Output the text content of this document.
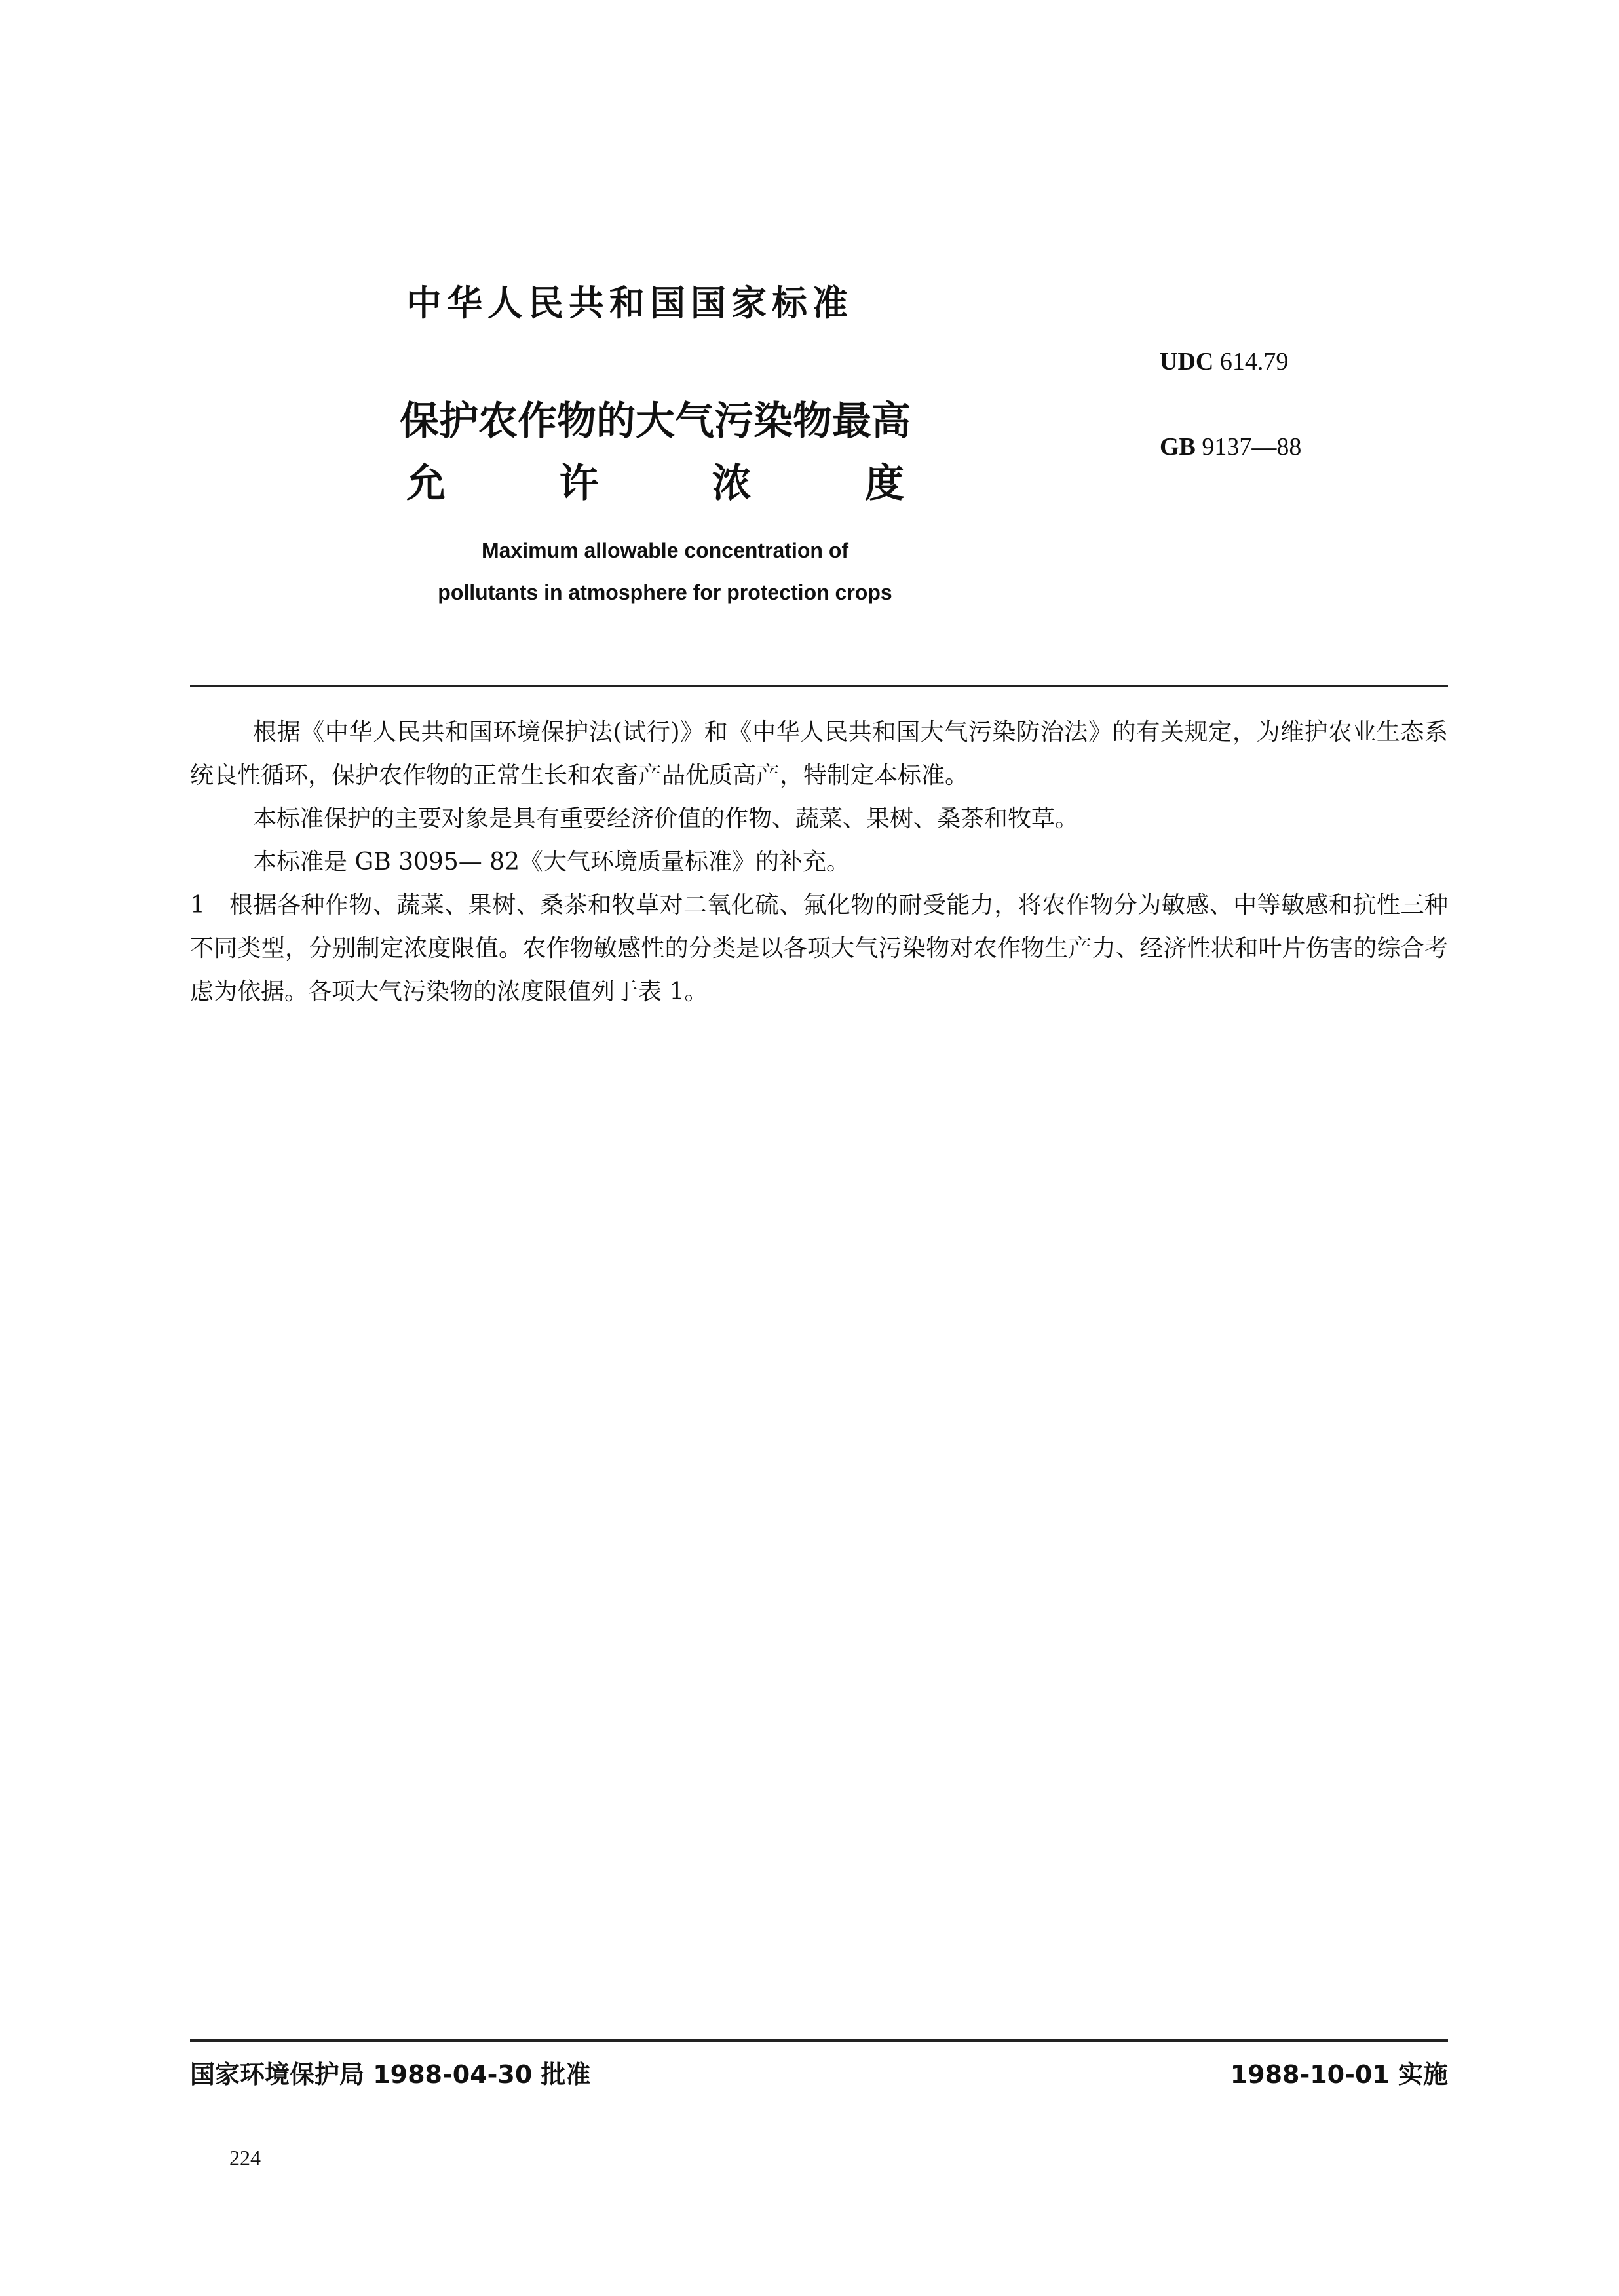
中华人民共和国国家标准
UDC 614.79
GB 9137—88
保护农作物的大气污染物最高
允	许	浓	度
Maximum allowable concentration of
pollutants in atmosphere for protection crops

根据《中华人民共和国环境保护法(试行)》和《中华人民共和国大气污染防治法》的有关规定，为维护农业生态系统良性循环，保护农作物的正常生长和农畜产品优质高产，特制定本标准。

本标准保护的主要对象是具有重要经济价值的作物、蔬菜、果树、桑茶和牧草。

本标准是 GB 3095— 82《大气环境质量标准》的补充。

1　根据各种作物、蔬菜、果树、桑茶和牧草对二氧化硫、氟化物的耐受能力，将农作物分为敏感、中等敏感和抗性三种不同类型，分别制定浓度限值。农作物敏感性的分类是以各项大气污染物对农作物生产力、经济性状和叶片伤害的综合考虑为依据。各项大气污染物的浓度限值列于表 1。

国家环境保护局 1988-04-30 批准	1988-10-01 实施
224
